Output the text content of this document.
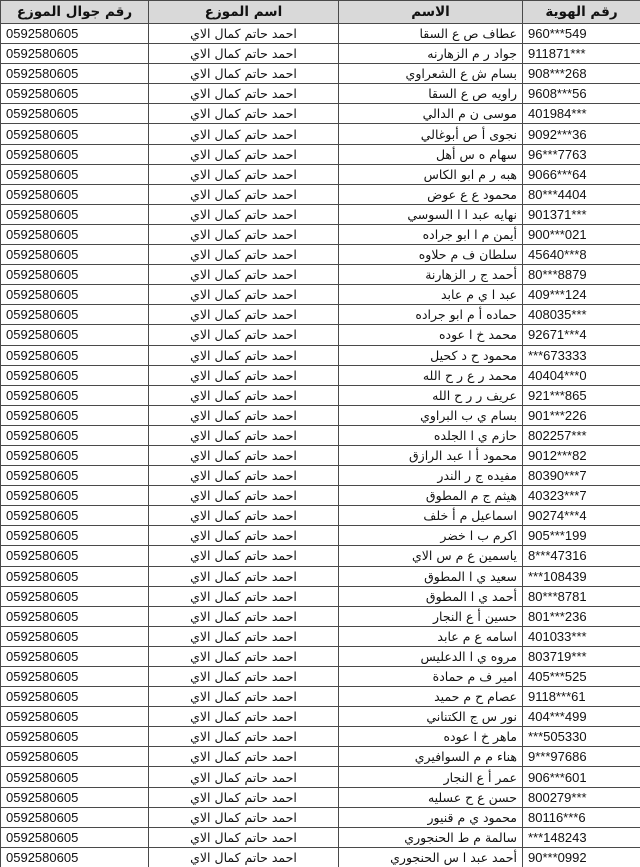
رقم جوال الموزع	اسم الموزع	الاسم	رقم الهوية
0592580605	احمد حاتم كمال الاي	عطاف ص ع السقا	960***549
0592580605	احمد حاتم كمال الاي	جواد ر م الزهارنه	911871***
0592580605	احمد حاتم كمال الاي	بسام ش ع الشعراوي	908***268
0592580605	احمد حاتم كمال الاي	راويه ص ع السقا	9608***56
0592580605	احمد حاتم كمال الاي	موسى ن م الدالي	401984***
0592580605	احمد حاتم كمال الاي	نجوى أ ص أبوغالي	9092***36
0592580605	احمد حاتم كمال الاي	سهام ه س أهل	96***7763
0592580605	احمد حاتم كمال الاي	هبه ر م ابو الكاس	9066***64
0592580605	احمد حاتم كمال الاي	محمود ع ع عوض	80***4404
0592580605	احمد حاتم كمال الاي	نهايه عبد ا ا السوسي	901371***
0592580605	احمد حاتم كمال الاي	أيمن م ا ابو جراده	900***021
0592580605	احمد حاتم كمال الاي	سلطان ف م حلاوه	45640***8
0592580605	احمد حاتم كمال الاي	أحمد ج ر الزهارنة	80***8879
0592580605	احمد حاتم كمال الاي	عبد ا ي م عابد	409***124
0592580605	احمد حاتم كمال الاي	حماده أ م ابو جراده	408035***
0592580605	احمد حاتم كمال الاي	محمد خ ا عوده	92671***4
0592580605	احمد حاتم كمال الاي	محمود ح د كحيل	***673333
0592580605	احمد حاتم كمال الاي	محمد ر ع ر ح الله	40404***0
0592580605	احمد حاتم كمال الاي	عريف ر ر ح الله	921***865
0592580605	احمد حاتم كمال الاي	بسام ي ب البراوي	901***226
0592580605	احمد حاتم كمال الاي	حازم ي ا الجلده	802257***
0592580605	احمد حاتم كمال الاي	محمود أ ا عبد الرازق	9012***82
0592580605	احمد حاتم كمال الاي	مفيده ج ر الندر	80390***7
0592580605	احمد حاتم كمال الاي	هيثم ج م المطوق	40323***7
0592580605	احمد حاتم كمال الاي	اسماعيل م أ خلف	90274***4
0592580605	احمد حاتم كمال الاي	اكرم ب ا خضر	905***199
0592580605	احمد حاتم كمال الاي	ياسمين ع م س الاي	8***47316
0592580605	احمد حاتم كمال الاي	سعيد ي ا المطوق	***108439
0592580605	احمد حاتم كمال الاي	أحمد ي ا المطوق	80***8781
0592580605	احمد حاتم كمال الاي	حسين أ ع النجار	801***236
0592580605	احمد حاتم كمال الاي	اسامه ع م عابد	401033***
0592580605	احمد حاتم كمال الاي	مروه ي ا الدعليس	803719***
0592580605	احمد حاتم كمال الاي	امير ف م حمادة	405***525
0592580605	احمد حاتم كمال الاي	عصام ح م حميد	9118***61
0592580605	احمد حاتم كمال الاي	نور س ج الكتناني	404***499
0592580605	احمد حاتم كمال الاي	ماهر خ ا عوده	***505330
0592580605	احمد حاتم كمال الاي	هناء م م السوافيري	9***97686
0592580605	احمد حاتم كمال الاي	عمر أ ع النجار	906***601
0592580605	احمد حاتم كمال الاي	حسن ع ح عسليه	800279***
0592580605	احمد حاتم كمال الاي	محمود ي م قنيور	80116***6
0592580605	احمد حاتم كمال الاي	سالمة م ط الحنجوري	***148243
0592580605	احمد حاتم كمال الاي	أحمد عبد ا س الحنجوري	90***0992
